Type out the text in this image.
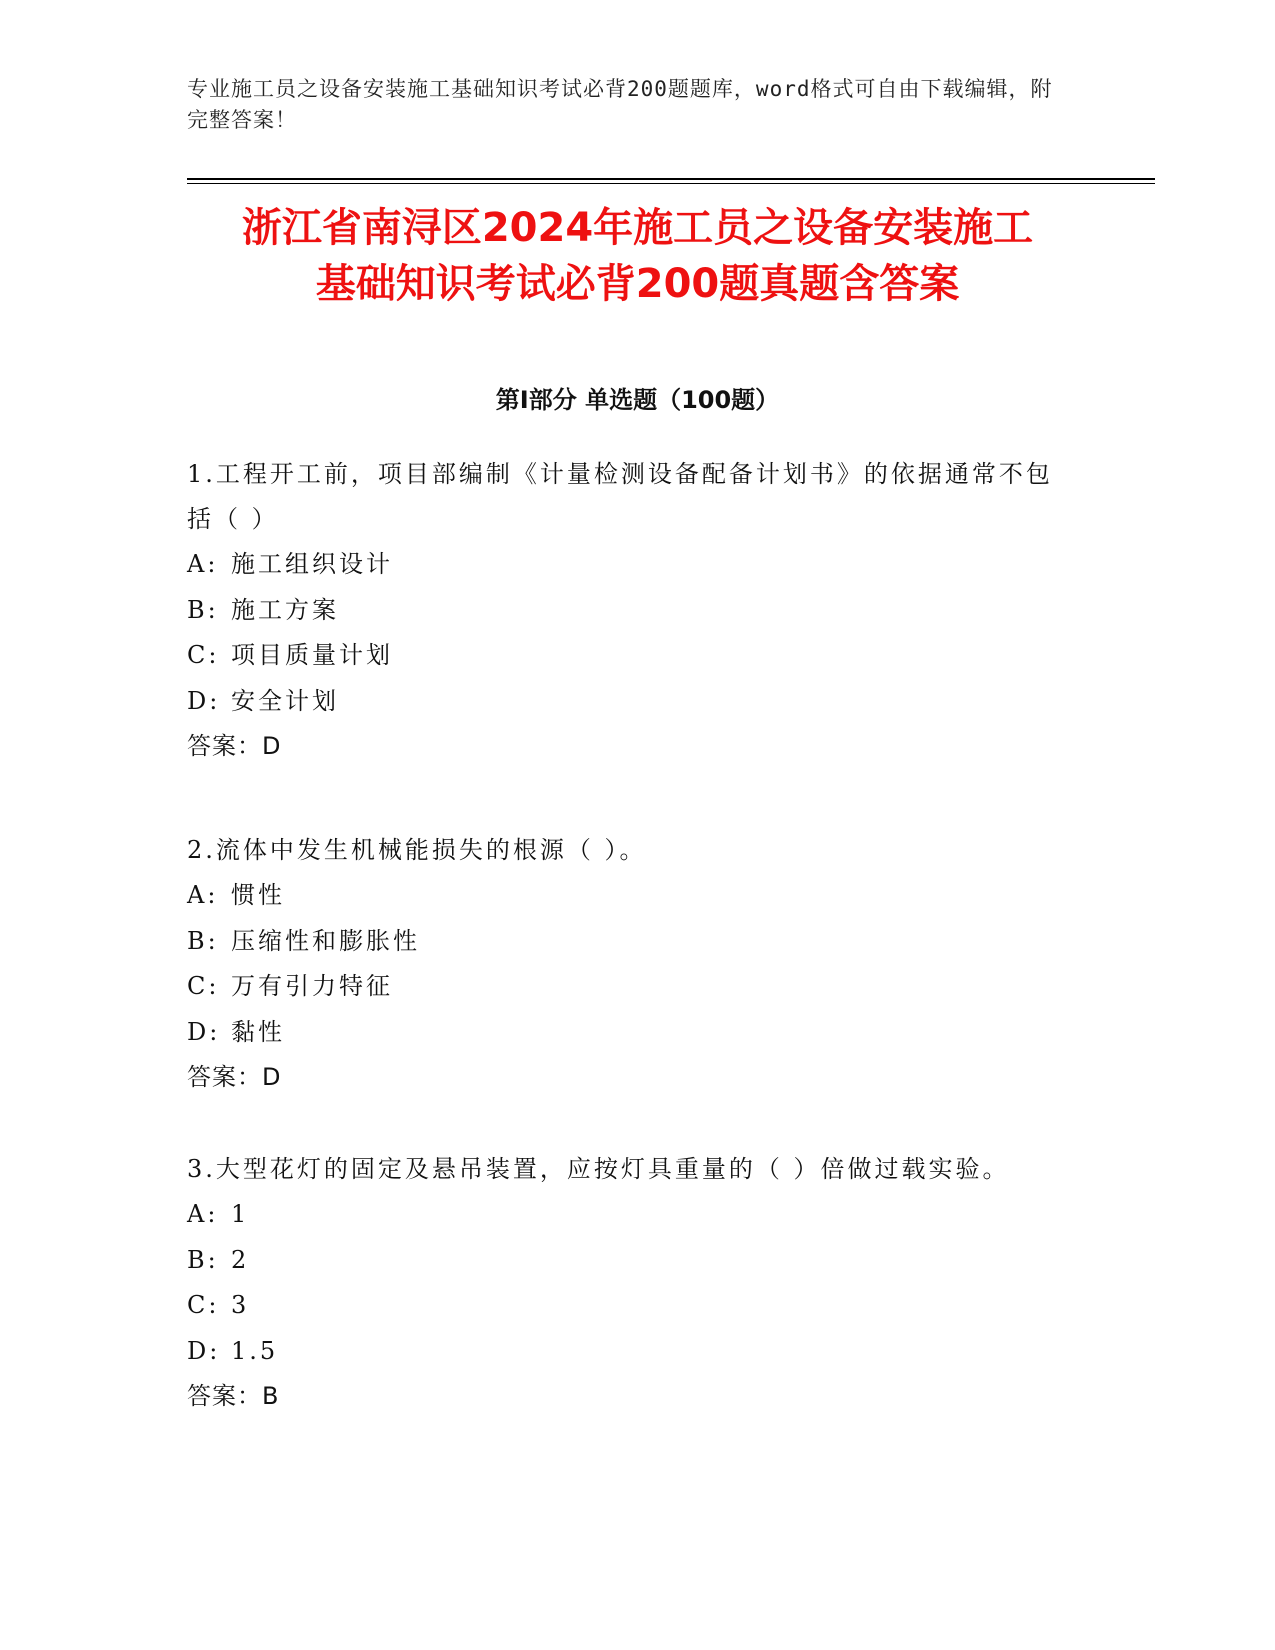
专业施工员之设备安装施工基础知识考试必背200题题库，word格式可自由下载编辑，附完整答案！
浙江省南浔区2024年施工员之设备安装施工
基础知识考试必背200题真题含答案
第Ⅰ部分 单选题（100题）

1.工程开工前，项目部编制《计量检测设备配备计划书》的依据通常不包括（ ）

A: 施工组织设计

B: 施工方案

C: 项目质量计划

D: 安全计划

答案：D

2.流体中发生机械能损失的根源（ ）。

A: 惯性

B: 压缩性和膨胀性

C: 万有引力特征

D: 黏性

答案：D

3.大型花灯的固定及悬吊装置，应按灯具重量的（ ）倍做过载实验。

A: 1

B: 2

C: 3

D: 1.5

答案：B
